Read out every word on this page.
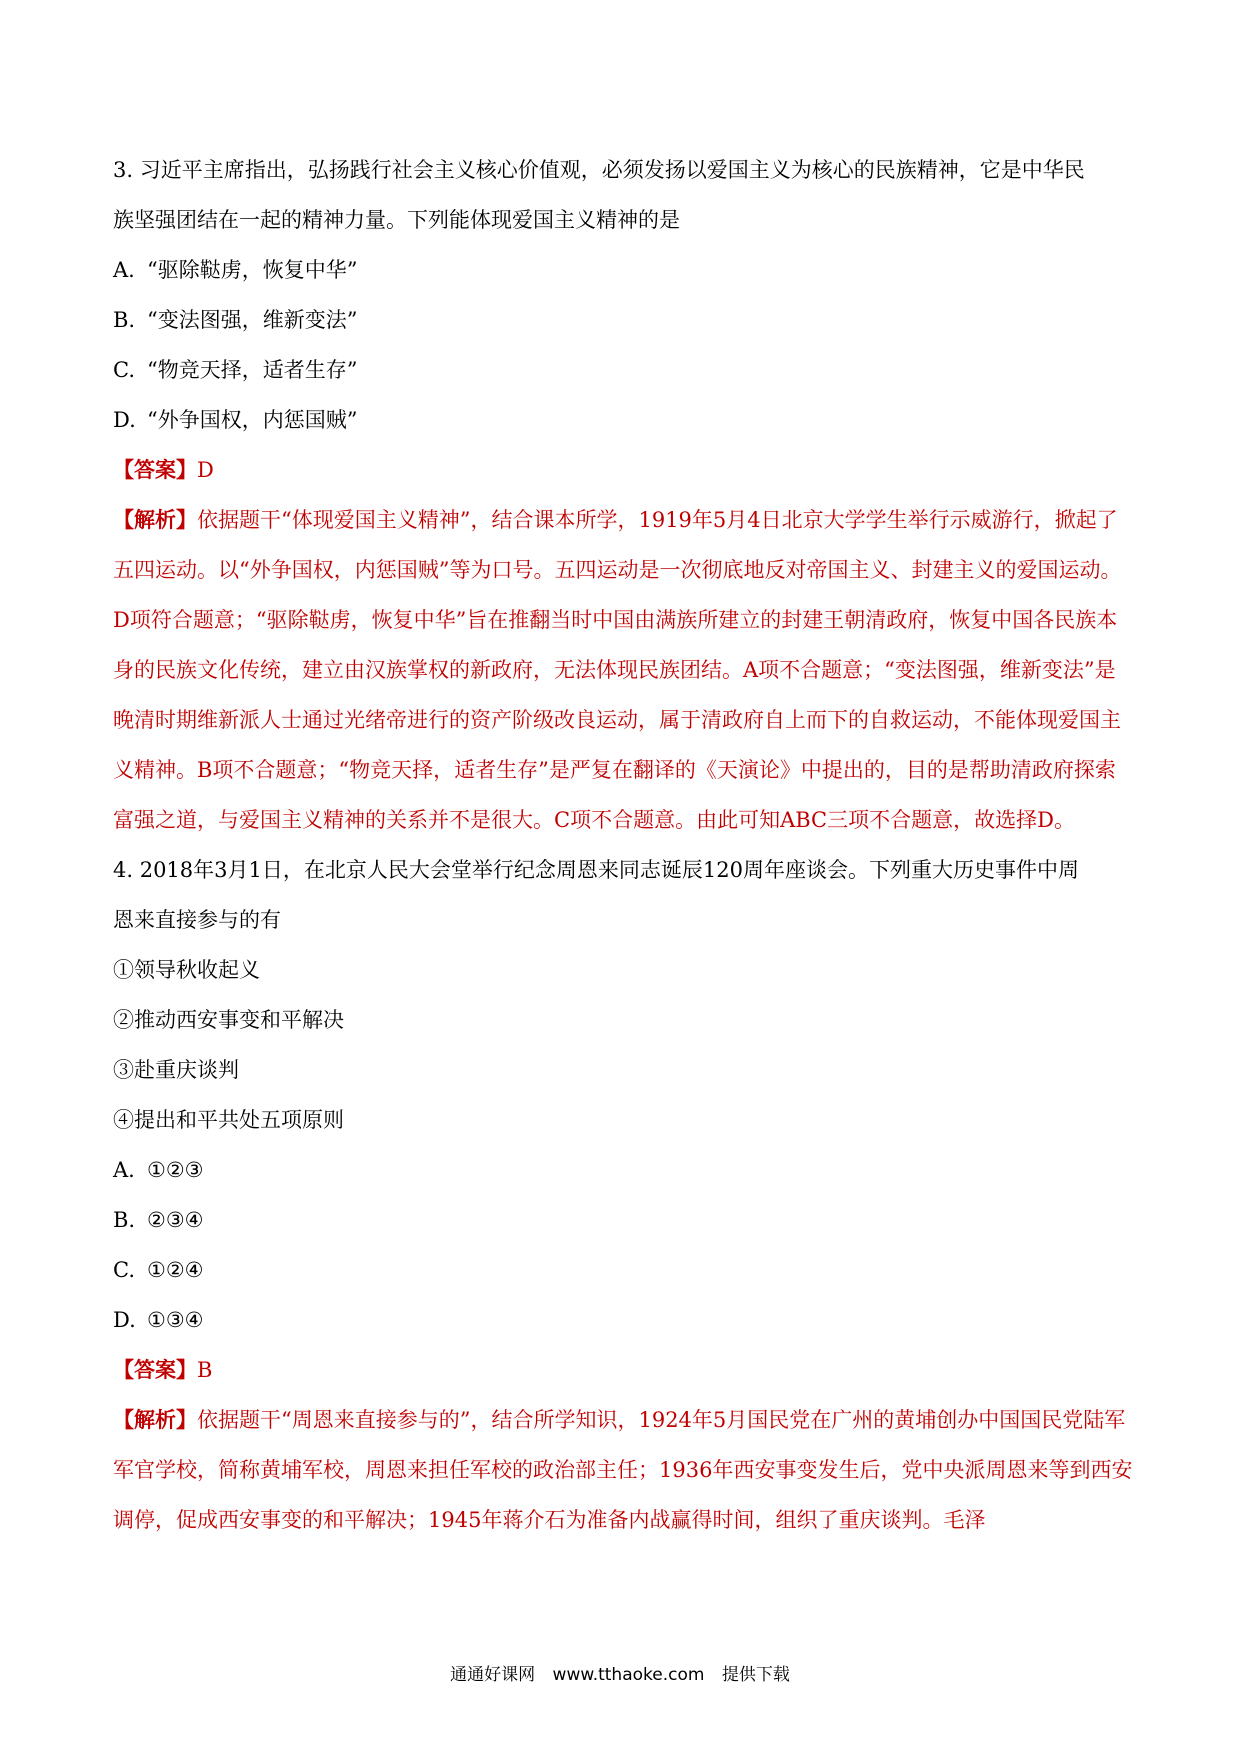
3. 习近平主席指出，弘扬践行社会主义核心价值观，必须发扬以爱国主义为核心的民族精神，它是中华民
族坚强团结在一起的精神力量。下列能体现爱国主义精神的是
A. “驱除鞑虏，恢复中华”
B. “变法图强，维新变法”
C. “物竞天择，适者生存”
D. “外争国权，内惩国贼”
【答案】D
【解析】依据题干“体现爱国主义精神”，结合课本所学，1919年5月4日北京大学学生举行示威游行，掀起了五四运动。以“外争国权，内惩国贼”等为口号。五四运动是一次彻底地反对帝国主义、封建主义的爱国运动。D项符合题意；“驱除鞑虏，恢复中华”旨在推翻当时中国由满族所建立的封建王朝清政府，恢复中国各民族本身的民族文化传统，建立由汉族掌权的新政府，无法体现民族团结。A项不合题意；“变法图强，维新变法”是晚清时期维新派人士通过光绪帝进行的资产阶级改良运动，属于清政府自上而下的自救运动，不能体现爱国主义精神。B项不合题意；“物竞天择，适者生存”是严复在翻译的《天演论》中提出的，目的是帮助清政府探索富强之道，与爱国主义精神的关系并不是很大。C项不合题意。由此可知ABC三项不合题意，故选择D。
4. 2018年3月1日，在北京人民大会堂举行纪念周恩来同志诞辰120周年座谈会。下列重大历史事件中周
恩来直接参与的有
①领导秋收起义
②推动西安事变和平解决
③赴重庆谈判
④提出和平共处五项原则
A. ①②③
B. ②③④
C. ①②④
D. ①③④
【答案】B
【解析】依据题干“周恩来直接参与的”，结合所学知识，1924年5月国民党在广州的黄埔创办中国国民党陆军军官学校，简称黄埔军校，周恩来担任军校的政治部主任；1936年西安事变发生后，党中央派周恩来等到西安调停，促成西安事变的和平解决；1945年蒋介石为准备内战赢得时间，组织了重庆谈判。毛泽
通通好课网 www.tthaoke.com 提供下载
